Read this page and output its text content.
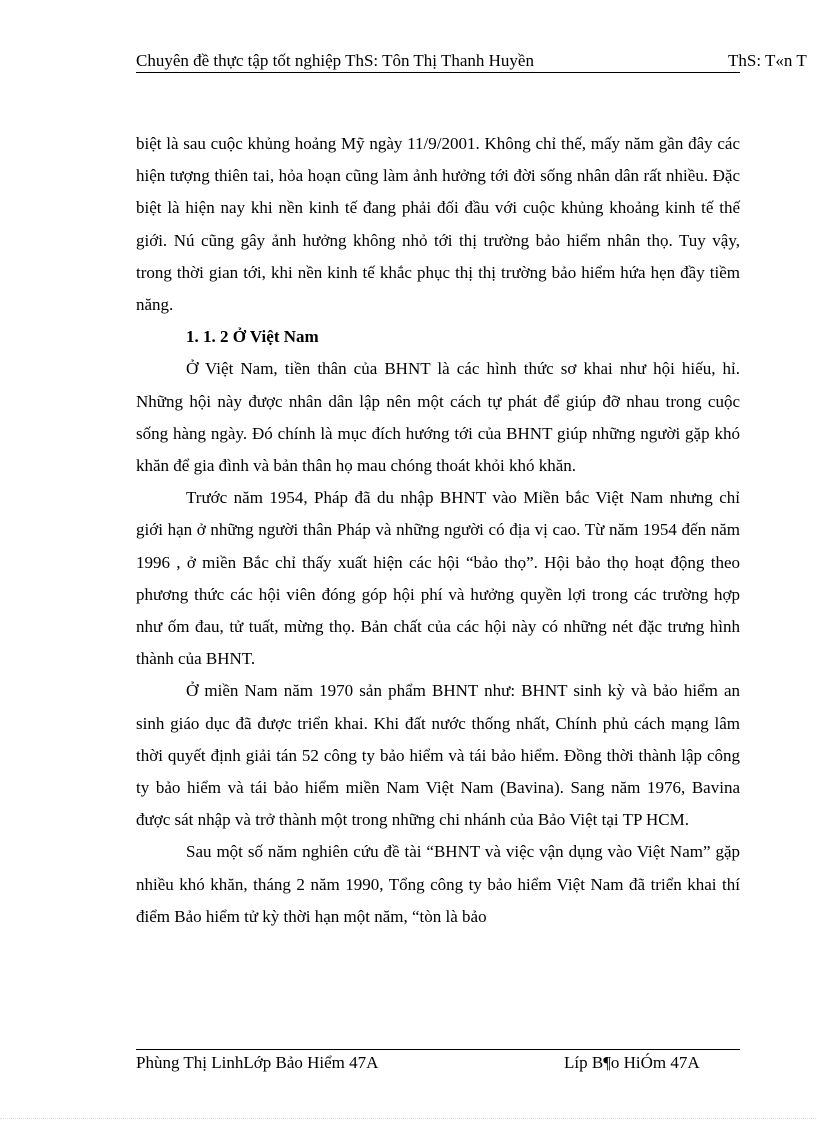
Chuyên đề thực tập tốt nghiệp ThS: Tôn Thị Thanh Huyền	ThS: T«n T

biệt là sau cuộc khủng hoảng Mỹ ngày 11/9/2001. Không chỉ thế, mấy năm gần đây các hiện tượng thiên tai, hỏa hoạn cũng làm ảnh hưởng tới đời sống nhân dân rất nhiều. Đặc biệt là hiện nay khi nền kinh tế đang phải đối đầu với cuộc khủng khoảng kinh tế thế giới. Nú cũng gây ảnh hưởng không nhỏ tới thị trường bảo hiểm nhân thọ. Tuy vậy, trong thời gian tới, khi nền kinh tế khắc phục thị thị trường bảo hiểm hứa hẹn đầy tiềm năng.

1. 1. 2 Ở Việt Nam

Ở Việt Nam, tiền thân của BHNT là các hình thức sơ khai như hội hiếu, hỉ. Những hội này được nhân dân lập nên một cách tự phát để giúp đỡ nhau trong cuộc sống hàng ngày. Đó chính là mục đích hướng tới của BHNT giúp những người gặp khó khăn để gia đình và bản thân họ mau chóng thoát khỏi khó khăn.

Trước năm 1954, Pháp đã du nhập BHNT vào Miền bắc Việt Nam nhưng chỉ giới hạn ở những người thân Pháp và những người có địa vị cao. Từ năm 1954 đến năm 1996 , ở miền Bắc chỉ thấy xuất hiện các hội “bảo thọ”. Hội bảo thọ hoạt động theo phương thức các hội viên đóng góp hội phí và hưởng quyền lợi trong các trường hợp như ốm đau, tử tuất, mừng thọ. Bản chất của các hội này có những nét đặc trưng hình thành của BHNT.

Ở miền Nam năm 1970 sản phẩm BHNT như: BHNT sinh kỳ và bảo hiểm an sinh giáo dục đã được triển khai. Khi đất nước thống nhất, Chính phủ cách mạng lâm thời quyết định giải tán 52 công ty bảo hiểm và tái bảo hiểm. Đồng thời thành lập công ty bảo hiểm và tái bảo hiểm miền Nam Việt Nam (Bavina). Sang năm 1976, Bavina được sát nhập và trở thành một trong những chi nhánh của Bảo Việt tại TP HCM.

Sau một số năm nghiên cứu đề tài “BHNT và việc vận dụng vào Việt Nam” gặp nhiều khó khăn, tháng 2 năm 1990, Tổng công ty bảo hiểm Việt Nam đã triển khai thí điểm Bảo hiểm tử kỳ thời hạn một năm, “tòn là bảo

Phùng Thị LinhLớp Bảo Hiểm 47A	Líp B¶o HiÓm 47A
